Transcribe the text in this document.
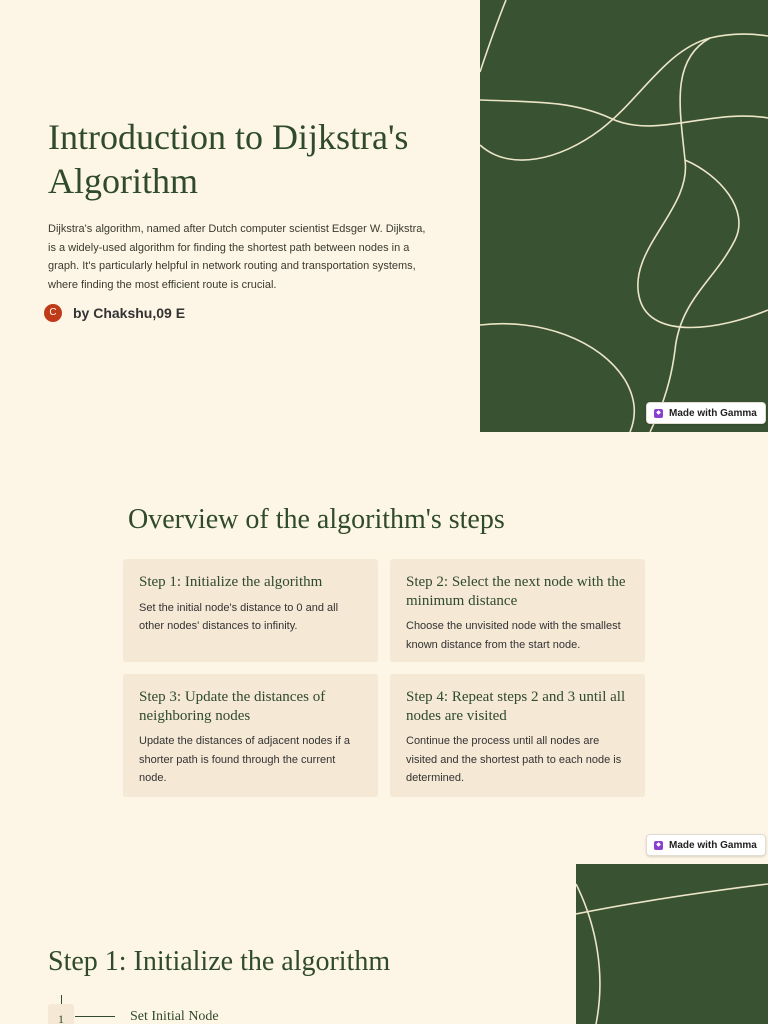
Introduction to Dijkstra's Algorithm

Dijkstra's algorithm, named after Dutch computer scientist Edsger W. Dijkstra, is a widely-used algorithm for finding the shortest path between nodes in a graph. It's particularly helpful in network routing and transportation systems, where finding the most efficient route is crucial.

C	by Chakshu,09 E
◆ Made with Gamma
Overview of the algorithm's steps

Step 1: Initialize the algorithm

Set the initial node's distance to 0 and all other nodes' distances to infinity.

Step 2: Select the next node with the minimum distance

Choose the unvisited node with the smallest known distance from the start node.

Step 3: Update the distances of neighboring nodes

Update the distances of adjacent nodes if a shorter path is found through the current node.

Step 4: Repeat steps 2 and 3 until all nodes are visited

Continue the process until all nodes are visited and the shortest path to each node is determined.

◆ Made with Gamma
Step 1: Initialize the algorithm
1	Set Initial Node
